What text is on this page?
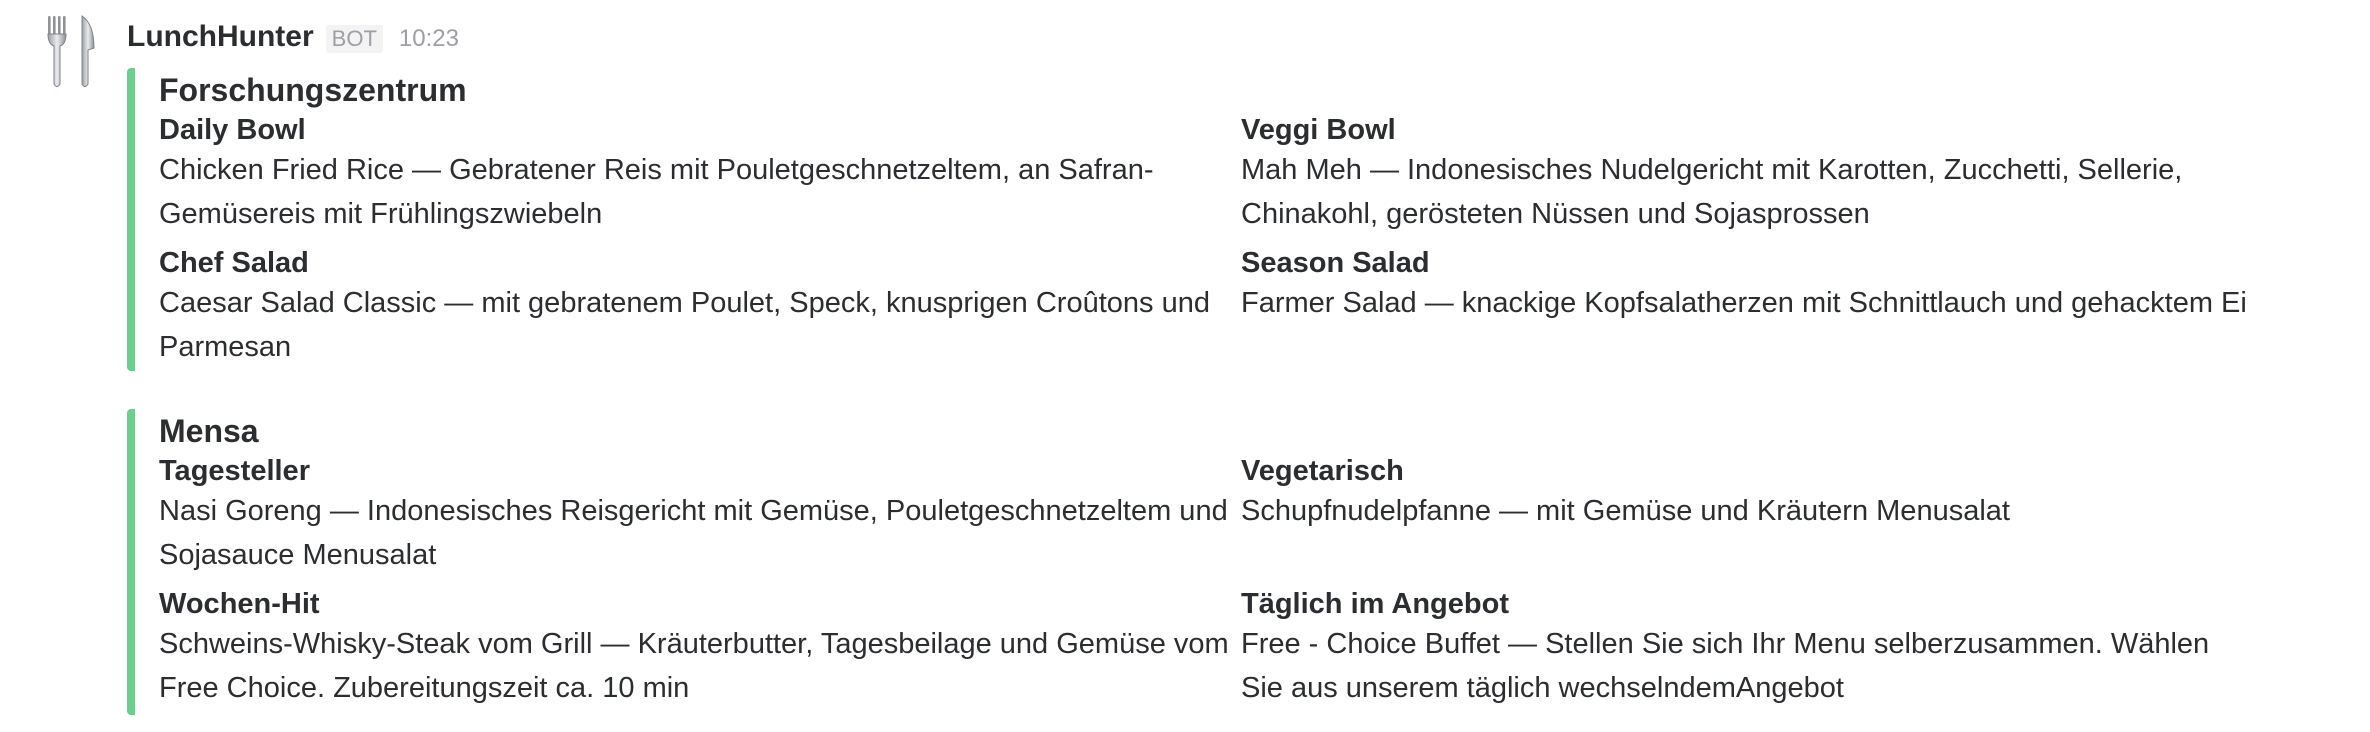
LunchHunter BOT 10:23
Forschungszentrum
Daily Bowl
Chicken Fried Rice — Gebratener Reis mit Pouletgeschnetzeltem, an Safran-Gemüsereis mit Frühlingszwiebeln
Veggi Bowl
Mah Meh — Indonesisches Nudelgericht mit Karotten, Zucchetti, Sellerie, Chinakohl, gerösteten Nüssen und Sojasprossen
Chef Salad
Caesar Salad Classic — mit gebratenem Poulet, Speck, knusprigen Croûtons und Parmesan
Season Salad
Farmer Salad — knackige Kopfsalatherzen mit Schnittlauch und gehacktem Ei
Mensa
Tagesteller
Nasi Goreng — Indonesisches Reisgericht mit Gemüse, Pouletgeschnetzeltem und Sojasauce Menusalat
Vegetarisch
Schupfnudelpfanne — mit Gemüse und Kräutern Menusalat
Wochen-Hit
Schweins-Whisky-Steak vom Grill — Kräuterbutter, Tagesbeilage und Gemüse vom Free Choice. Zubereitungszeit ca. 10 min
Täglich im Angebot
Free - Choice Buffet — Stellen Sie sich Ihr Menu selberzusammen. Wählen Sie aus unserem täglich wechselndemAngebot
